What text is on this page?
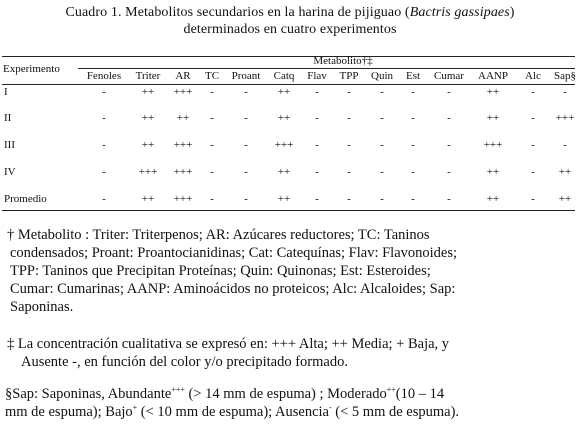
Cuadro 1. Metabolitos secundarios en la harina de pijiguao (Bactris gassipaes)
determinados en cuatro experimentos
Metabolito†‡
Experimento
Fenoles	Triter	AR	TC	Proant	Catq	Flav	TPP	Quin	Est	Cumar	AANP	Alc	Sap§
I	-	++	+++	-	-	++	-	-	-	-	-	++	-	-
II	-	++	++	-	-	++	-	-	-	-	-	++	-	+++
III	-	++	+++	-	-	+++	-	-	-	-	-	+++	-	-
IV	-	+++	+++	-	-	++	-	-	-	-	-	++	-	++
Promedio	-	++	+++	-	-	++	-	-	-	-	-	++	-	++
† Metabolito : Triter: Triterpenos; AR: Azúcares reductores; TC: Taninos
condensados; Proant: Proantocianidinas; Cat: Catequínas; Flav: Flavonoides;
TPP: Taninos que Precipitan Proteínas; Quin: Quinonas; Est: Esteroides;
Cumar: Cumarinas; AANP: Aminoácidos no proteicos; Alc: Alcaloides; Sap:
Saponinas.
‡ La concentración cualitativa se expresó en: +++ Alta; ++ Media; + Baja, y
Ausente -, en función del color y/o precipitado formado.
§Sap: Saponinas, Abundante+++ (> 14 mm de espuma) ; Moderado++(10 – 14
mm de espuma); Bajo+ (< 10 mm de espuma); Ausencia- (< 5 mm de espuma).
